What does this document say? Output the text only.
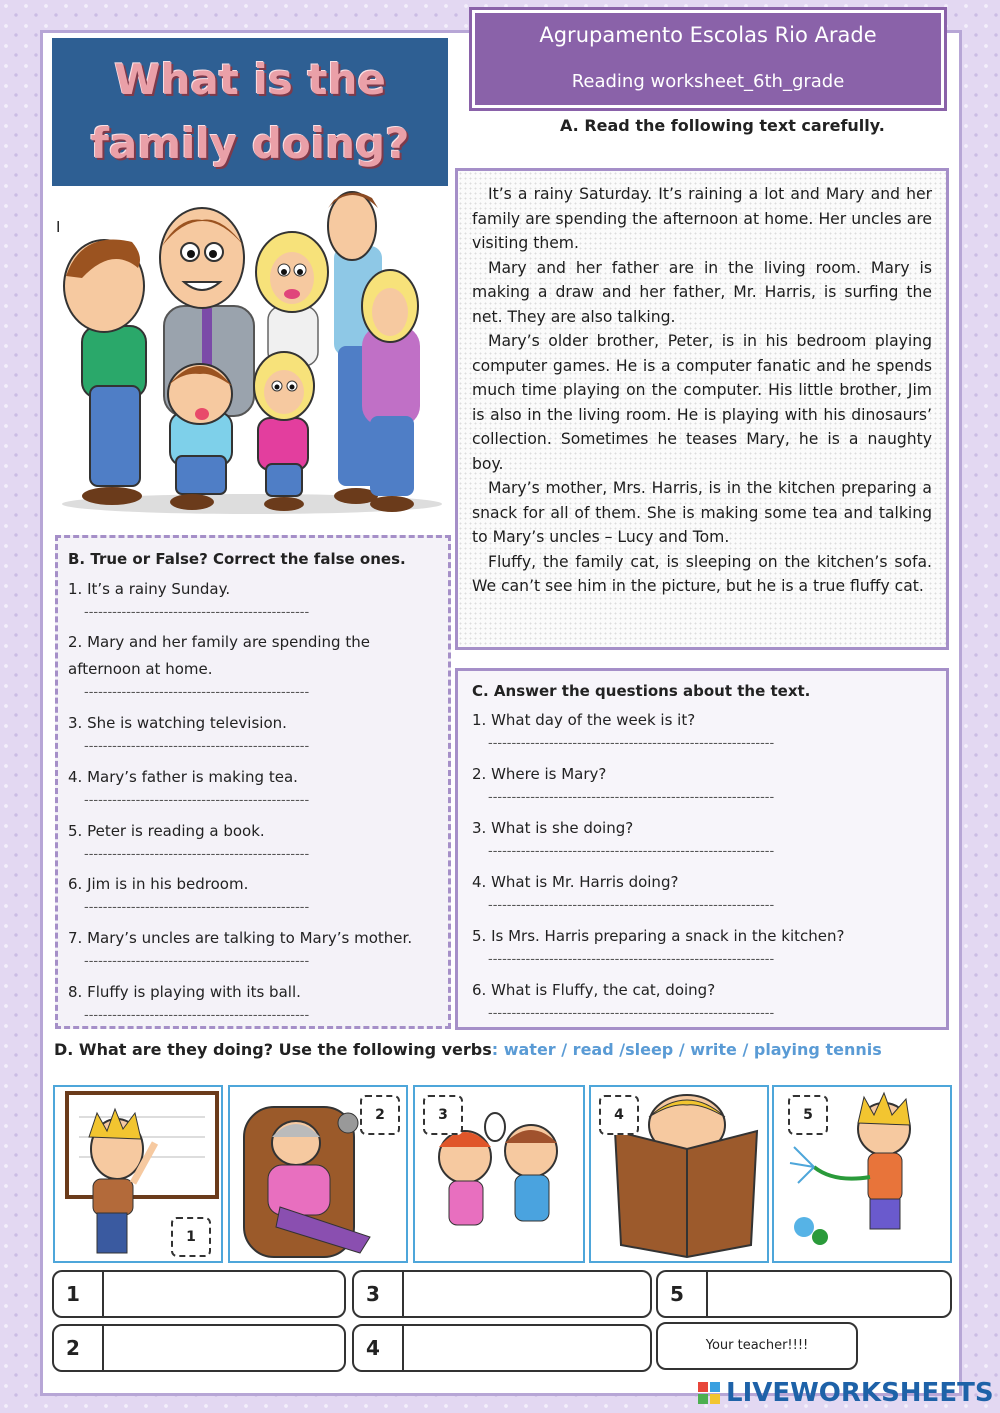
What is the
family doing?
Agrupamento Escolas Rio Arade
Reading worksheet_6th_grade
A. Read the following text carefully.
I

It’s a rainy Saturday. It’s raining a lot and Mary and her family are spending the afternoon at home. Her uncles are visiting them.

Mary and her father are in the living room. Mary is making a draw and her father, Mr. Harris, is surfing the net. They are also talking.

Mary’s older brother, Peter, is in his bedroom playing computer games. He is a computer fanatic and he spends much time playing on the computer. His little brother, Jim is also in the living room. He is playing with his dinosaurs’ collection. Sometimes he teases Mary, he is a naughty boy.

Mary’s mother, Mrs. Harris, is in the kitchen preparing a snack for all of them. She is making some tea and talking to Mary’s uncles – Lucy and Tom.

Fluffy, the family cat, is sleeping on the kitchen’s sofa. We can’t see him in the picture, but he is a true fluffy cat.

B. True or False? Correct the false ones.
1. It’s a rainy Sunday.
------------------------------------------------
2. Mary and her family are spending the afternoon at home.
------------------------------------------------
3. She is watching television.
------------------------------------------------
4. Mary’s father is making tea.
------------------------------------------------
5. Peter is reading a book.
------------------------------------------------
6. Jim is in his bedroom.
------------------------------------------------
7. Mary’s uncles are talking to Mary’s mother.
------------------------------------------------
8. Fluffy is playing with its ball.
------------------------------------------------
C. Answer the questions about the text.
1. What day of the week is it?
-------------------------------------------------------------
2. Where is Mary?
-------------------------------------------------------------
3. What is she doing?
-------------------------------------------------------------
4. What is Mr. Harris doing?
-------------------------------------------------------------
5. Is Mrs. Harris preparing a snack in the kitchen?
-------------------------------------------------------------
6. What is Fluffy, the cat, doing?
-------------------------------------------------------------
D. What are they doing? Use the following verbs: water / read /sleep / write / playing tennis
1
2	3	4	5
1	3	5
2	4	Your teacher!!!!
LIVEWORKSHEETS
